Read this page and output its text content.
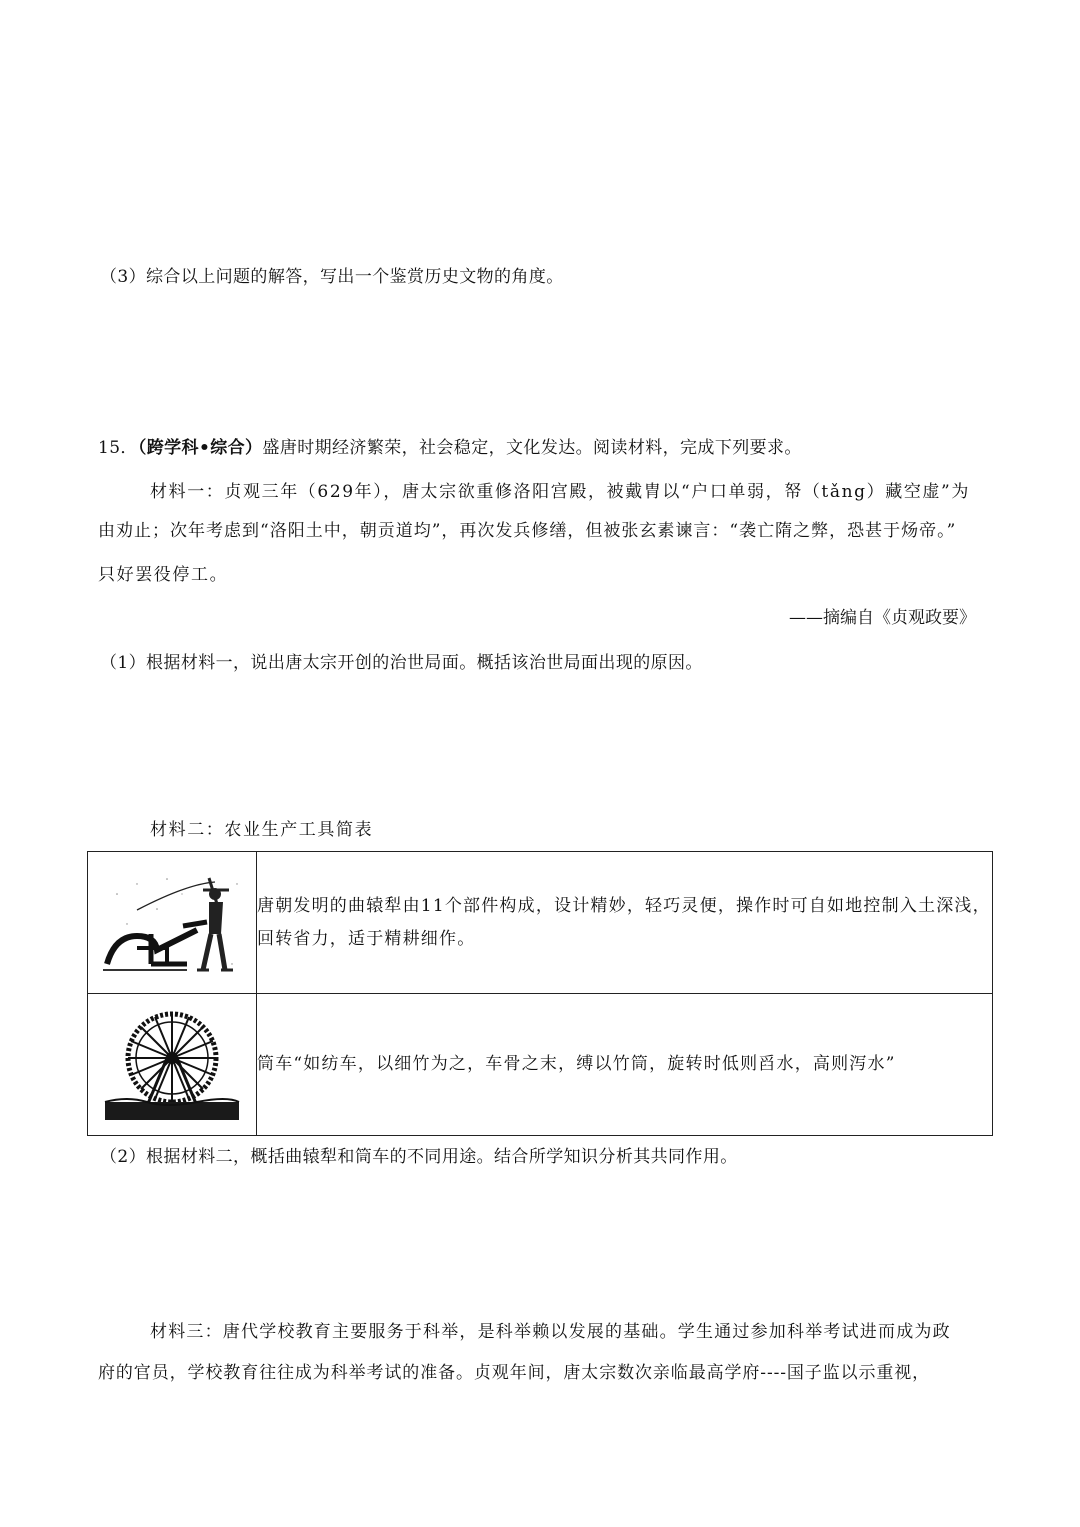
（3）综合以上问题的解答，写出一个鉴赏历史文物的角度。
15．（跨学科•综合）盛唐时期经济繁荣，社会稳定，文化发达。阅读材料，完成下列要求。
材料一：贞观三年（629年），唐太宗欲重修洛阳宫殿，被戴胄以“户口单弱，帑（tǎng）藏空虚”为
由劝止；次年考虑到“洛阳土中，朝贡道均”，再次发兵修缮，但被张玄素谏言：“袭亡隋之弊，恐甚于炀帝。”
只好罢役停工。
——摘编自《贞观政要》
（1）根据材料一，说出唐太宗开创的治世局面。概括该治世局面出现的原因。
材料二：农业生产工具简表
	唐朝发明的曲辕犁由11个部件构成，设计精妙，轻巧灵便，操作时可自如地控制入土深浅，回转省力，适于精耕细作。

	筒车“如纺车，以细竹为之，车骨之末，缚以竹筒，旋转时低则舀水，高则泻水”
（2）根据材料二，概括曲辕犁和筒车的不同用途。结合所学知识分析其共同作用。
材料三：唐代学校教育主要服务于科举，是科举赖以发展的基础。学生通过参加科举考试进而成为政
府的官员，学校教育往往成为科举考试的准备。贞观年间，唐太宗数次亲临最高学府----国子监以示重视，
